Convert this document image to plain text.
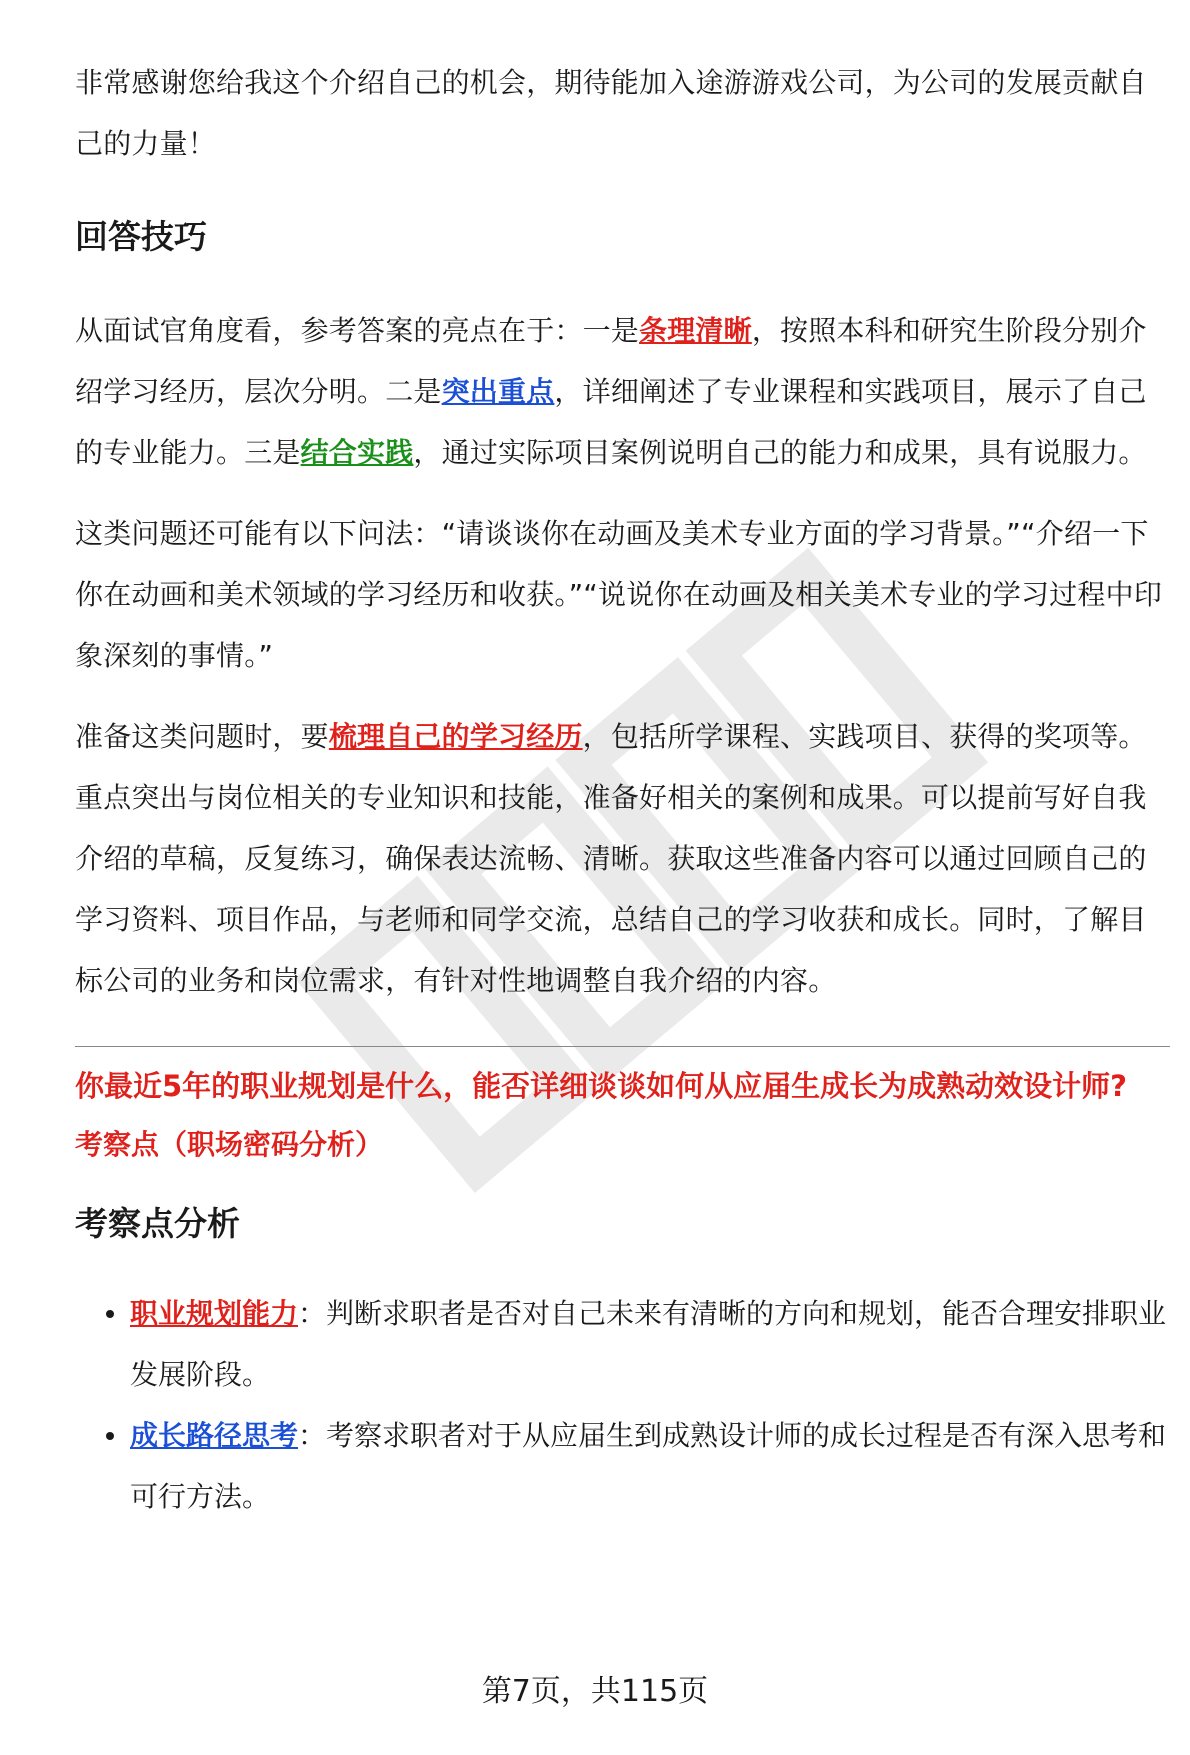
非常感谢您给我这个介绍自己的机会，期待能加入途游游戏公司，为公司的发展贡献自己的力量！

回答技巧

从面试官角度看，参考答案的亮点在于：一是条理清晰，按照本科和研究生阶段分别介绍学习经历，层次分明。二是突出重点，详细阐述了专业课程和实践项目，展示了自己的专业能力。三是结合实践，通过实际项目案例说明自己的能力和成果，具有说服力。

这类问题还可能有以下问法：“请谈谈你在动画及美术专业方面的学习背景。”“介绍一下你在动画和美术领域的学习经历和收获。”“说说你在动画及相关美术专业的学习过程中印象深刻的事情。”

准备这类问题时，要梳理自己的学习经历，包括所学课程、实践项目、获得的奖项等。重点突出与岗位相关的专业知识和技能，准备好相关的案例和成果。可以提前写好自我介绍的草稿，反复练习，确保表达流畅、清晰。获取这些准备内容可以通过回顾自己的学习资料、项目作品，与老师和同学交流，总结自己的学习收获和成长。同时，了解目标公司的业务和岗位需求，有针对性地调整自我介绍的内容。

你最近5年的职业规划是什么，能否详细谈谈如何从应届生成长为成熟动效设计师?

考察点（职场密码分析）

考察点分析
职业规划能力：判断求职者是否对自己未来有清晰的方向和规划，能否合理安排职业发展阶段。
成长路径思考：考察求职者对于从应届生到成熟设计师的成长过程是否有深入思考和可行方法。
第7页，共115页
